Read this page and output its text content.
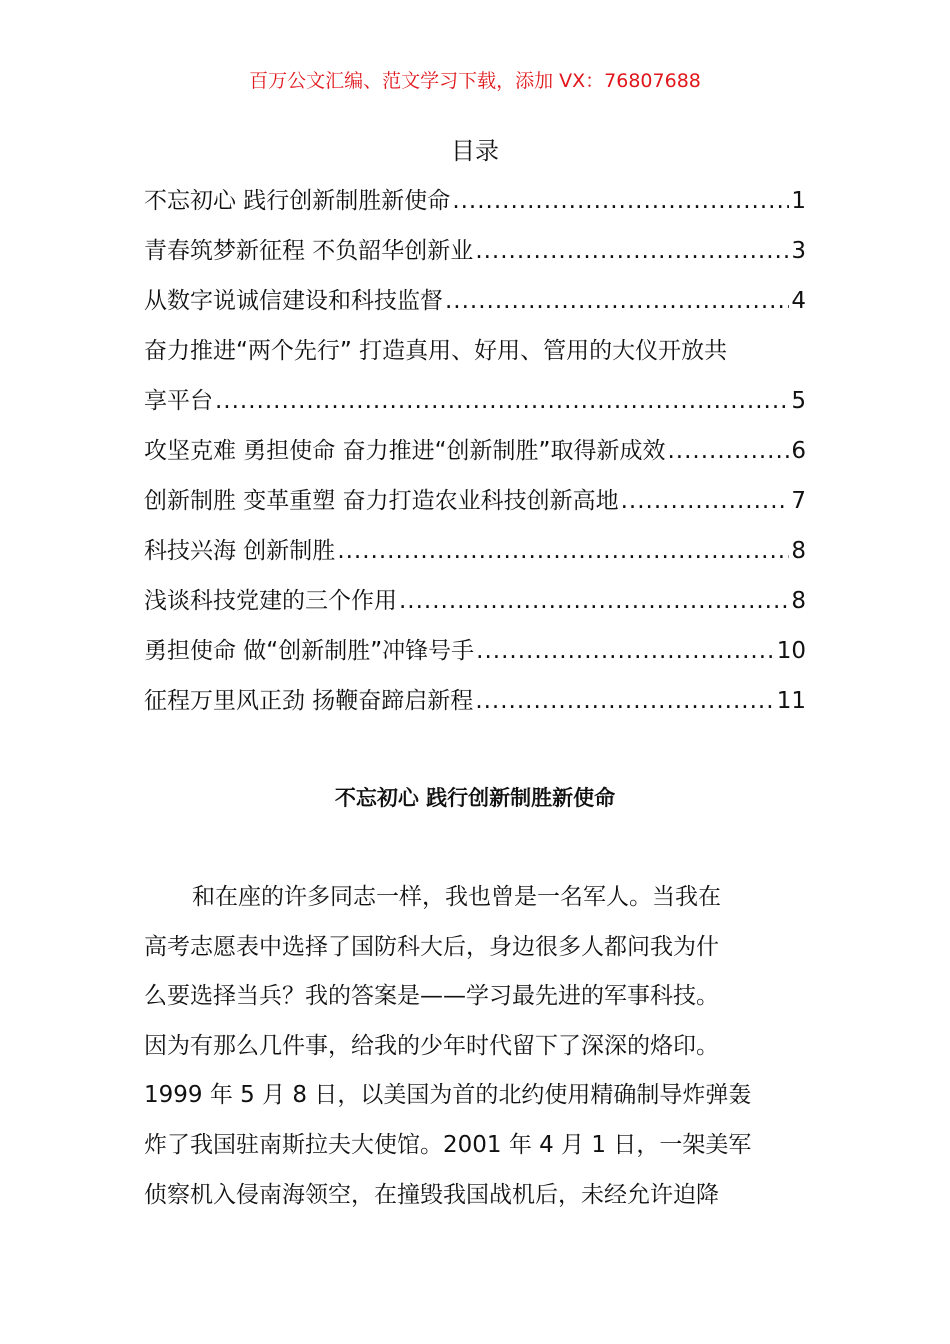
百万公文汇编、范文学习下载，添加 VX：76807688
目录
不忘初心 践行创新制胜新使命 .....	1
青春筑梦新征程 不负韶华创新业 .....	3
从数字说诚信建设和科技监督 .....	4
奋力推进“两个先行” 打造真用、好用、管用的大仪开放共
享平台 .....	5
攻坚克难 勇担使命 奋力推进“创新制胜”取得新成效 .....	6
创新制胜 变革重塑 奋力打造农业科技创新高地 .....	7
科技兴海 创新制胜 .....	8
浅谈科技党建的三个作用 .....	8
勇担使命 做“创新制胜”冲锋号手 .....	10
征程万里风正劲 扬鞭奋蹄启新程 .....	11
不忘初心 践行创新制胜新使命
和在座的许多同志一样，我也曾是一名军人。当我在
高考志愿表中选择了国防科大后，身边很多人都问我为什
么要选择当兵？我的答案是——学习最先进的军事科技。
因为有那么几件事，给我的少年时代留下了深深的烙印。
1999 年 5 月 8 日，以美国为首的北约使用精确制导炸弹轰
炸了我国驻南斯拉夫大使馆。2001 年 4 月 1 日，一架美军
侦察机入侵南海领空，在撞毁我国战机后，未经允许迫降
